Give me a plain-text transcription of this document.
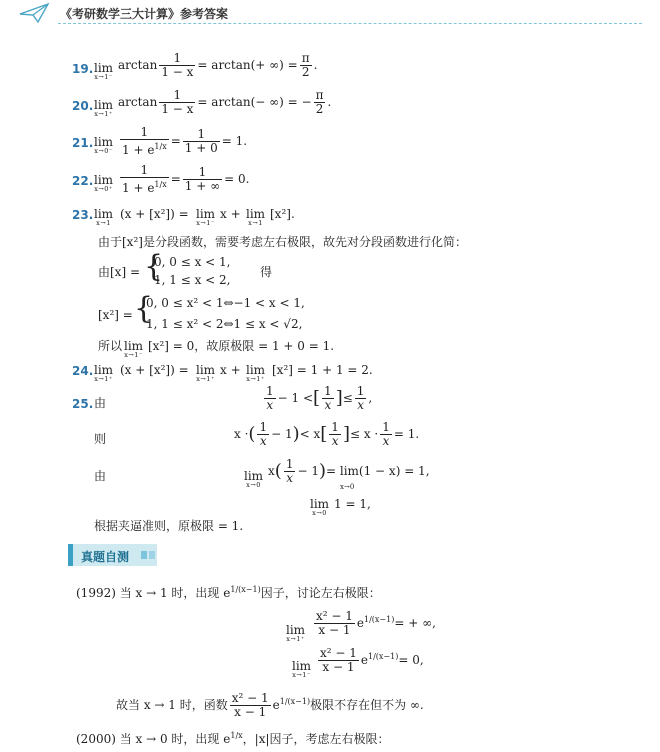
《考研数学三大计算》参考答案
19. lim
x→1⁻
$\arctan \frac{1}{1 - x} = \arctan(+$ ∞) = $\frac{\pi}{2}$ .
20. lim
x→1⁺
$\arctan \frac{1}{1 - x} = \arctan(-$ ∞) = − $\frac{\pi}{2}$ .
21. lim
$x\to 0^- \frac{1}{1 + e^{1/x}} = \frac{1}{1 + 0} = 1$.
22. lim
$x\to 0^+ \frac{1}{1 + e^{1/x}} = \frac{1}{1 + \infty} = 0$.
23. lim
x→1
(x + [x²]) = lim
x→1⁻
x + lim
x→1
[x²].
由于[x²]是分段函数，需要考虑左右极限，故先对分段函数进行化简：
由[x] = {
0, 0 ≤ x < 1,
1, 1 ≤ x < 2,
得
[x²] = {
0, 0 ≤ x² < 1⇔−1 < x < 1,
1, 1 ≤ x² < 2⇔1 ≤ x < √2,
所以 lim
x→1⁻
[x²] = 0，故原极限 = 1 + 0 = 1.
24. lim
x→1⁺
(x + [x²]) = lim
x→1⁺
x + lim
x→1⁺
[x²] = 1 + 1 = 2.
25. 由	$\frac{1}{x} - 1$ <[ $\frac{1}{x}$ ]≤ $\frac{1}{x}$ ,
则	x ·( $\frac{1}{x} - 1)< x[ \frac{1}{x}$ ]≤ $x \cdot \frac{1}{x} = 1$.
由	lim
x→0
$x( \frac{1}{x} - 1)= \lim(1 - x) = 1$,
x→0
lim
x→0
1 = 1,
根据夹逼准则，原极限 = 1.
真题自测
(1992) 当 x → 1 时，出现 $e^{1/(x-1)}$因子，讨论左右极限：
lim
x→1⁺
$\frac{\text{x² − 1}}{x - 1} e^{1/(x-1)}=$ + ∞,
lim
x→1⁻
$\frac{\text{x² − 1}}{x - 1} e^{1/(x-1)}= 0$,
故当 x → 1 时，函数 $\frac{\text{x² − 1}}{x - 1} e^{1/(x-1)}$极限不存在但不为 ∞.
(2000) 当 x → 0 时，出现 $e^{1/x}$，|x|因子，考虑左右极限：
